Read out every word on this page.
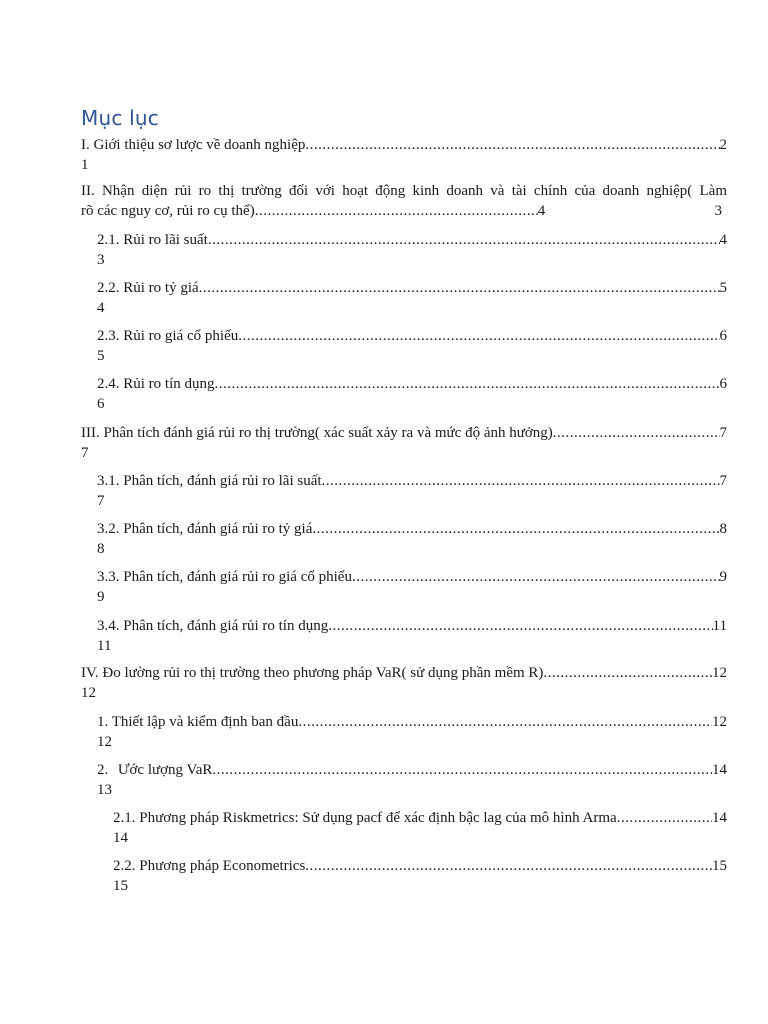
Mục lục
I. Giới thiệu sơ lược về doanh nghiệp .....	2
1
II. Nhận diện rủi ro thị trường đối với hoạt động kinh doanh và tài chính của doanh nghiệp( Làm
rõ các nguy cơ, rủi ro cụ thể) .....	4	3
2.1. Rủi ro lãi suất .....	4
3
2.2. Rủi ro tỷ giá .....	5
4
2.3. Rủi ro giá cổ phiếu .....	6
5
2.4. Rủi ro tín dụng .....	6
6
III. Phân tích đánh giá rủi ro thị trường( xác suất xảy ra và mức độ ảnh hưởng) .....	7
7
3.1. Phân tích, đánh giá rủi ro lãi suất .....	7
7
3.2. Phân tích, đánh giá rủi ro tỷ giá .....	8
8
3.3. Phân tích, đánh giá rủi ro giá cổ phiếu .....	9
9
3.4. Phân tích, đánh giá rủi ro tín dụng .....	11
11
IV. Đo lường rủi ro thị trường theo phương pháp VaR( sử dụng phần mềm R) .....	12
12
1. Thiết lập và kiểm định ban đầu .....	12
12
2. Ước lượng VaR .....	14
13
2.1. Phương pháp Riskmetrics: Sử dụng pacf để xác định bậc lag của mô hình Arma .....	14
14
2.2. Phương pháp Econometrics .....	15
15
